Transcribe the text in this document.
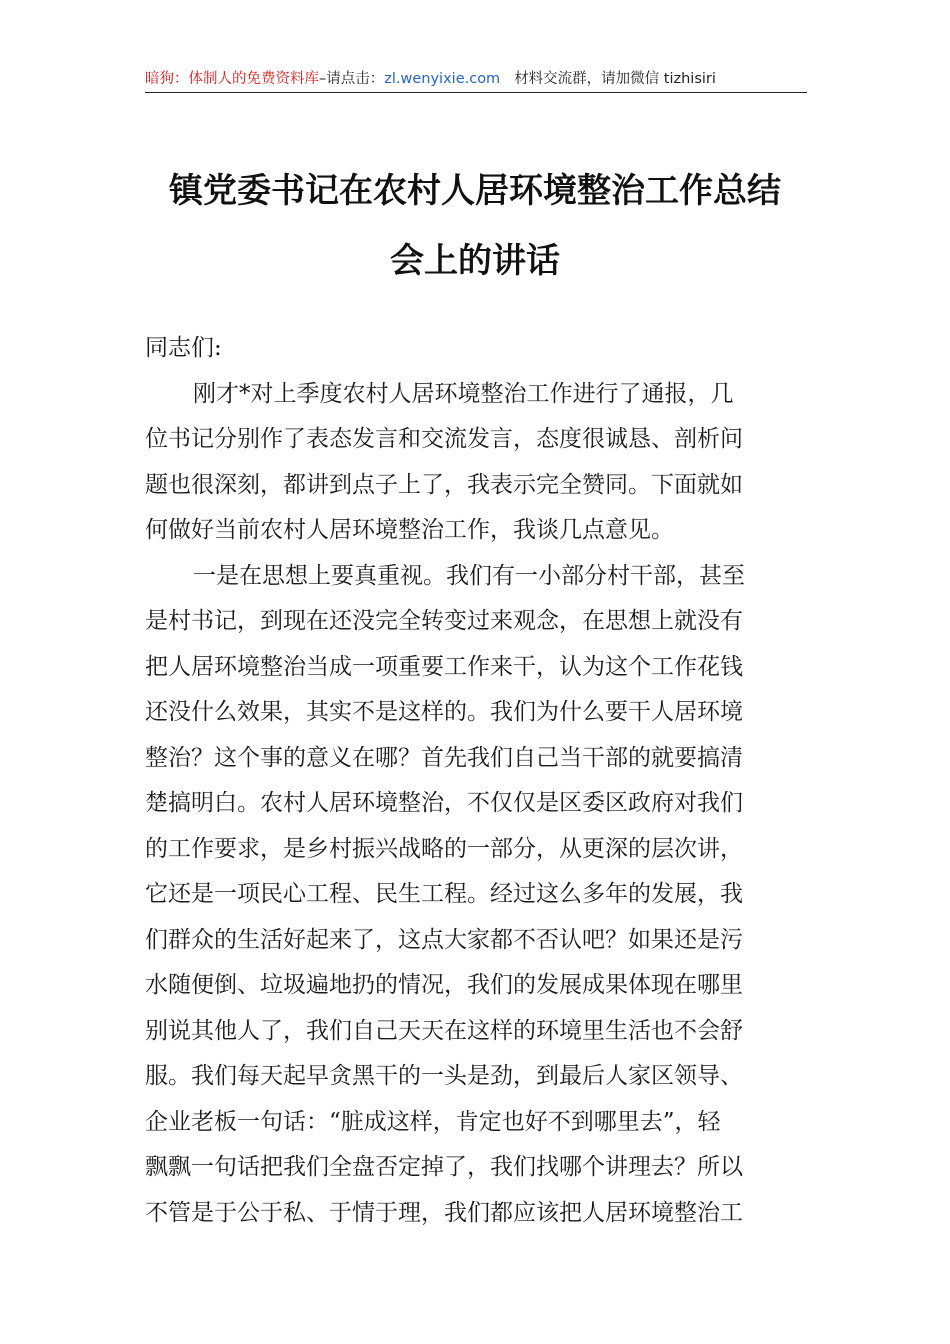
暗狗：体制人的免费资料库–请点击：zl.wenyixie.com 材料交流群，请加微信 tizhisiri
镇党委书记在农村人居环境整治工作总结
会上的讲话
同志们:
刚才*对上季度农村人居环境整治工作进行了通报，几
位书记分别作了表态发言和交流发言，态度很诚恳、剖析问
题也很深刻，都讲到点子上了，我表示完全赞同。下面就如
何做好当前农村人居环境整治工作，我谈几点意见。
一是在思想上要真重视。我们有一小部分村干部，甚至
是村书记，到现在还没完全转变过来观念，在思想上就没有
把人居环境整治当成一项重要工作来干，认为这个工作花钱
还没什么效果，其实不是这样的。我们为什么要干人居环境
整治？这个事的意义在哪？首先我们自己当干部的就要搞清
楚搞明白。农村人居环境整治，不仅仅是区委区政府对我们
的工作要求，是乡村振兴战略的一部分，从更深的层次讲，
它还是一项民心工程、民生工程。经过这么多年的发展，我
们群众的生活好起来了，这点大家都不否认吧？如果还是污
水随便倒、垃圾遍地扔的情况，我们的发展成果体现在哪里
别说其他人了，我们自己天天在这样的环境里生活也不会舒
服。我们每天起早贪黑干的一头是劲，到最后人家区领导、
企业老板一句话：“脏成这样，肯定也好不到哪里去”，轻
飘飘一句话把我们全盘否定掉了，我们找哪个讲理去？所以
不管是于公于私、于情于理，我们都应该把人居环境整治工
